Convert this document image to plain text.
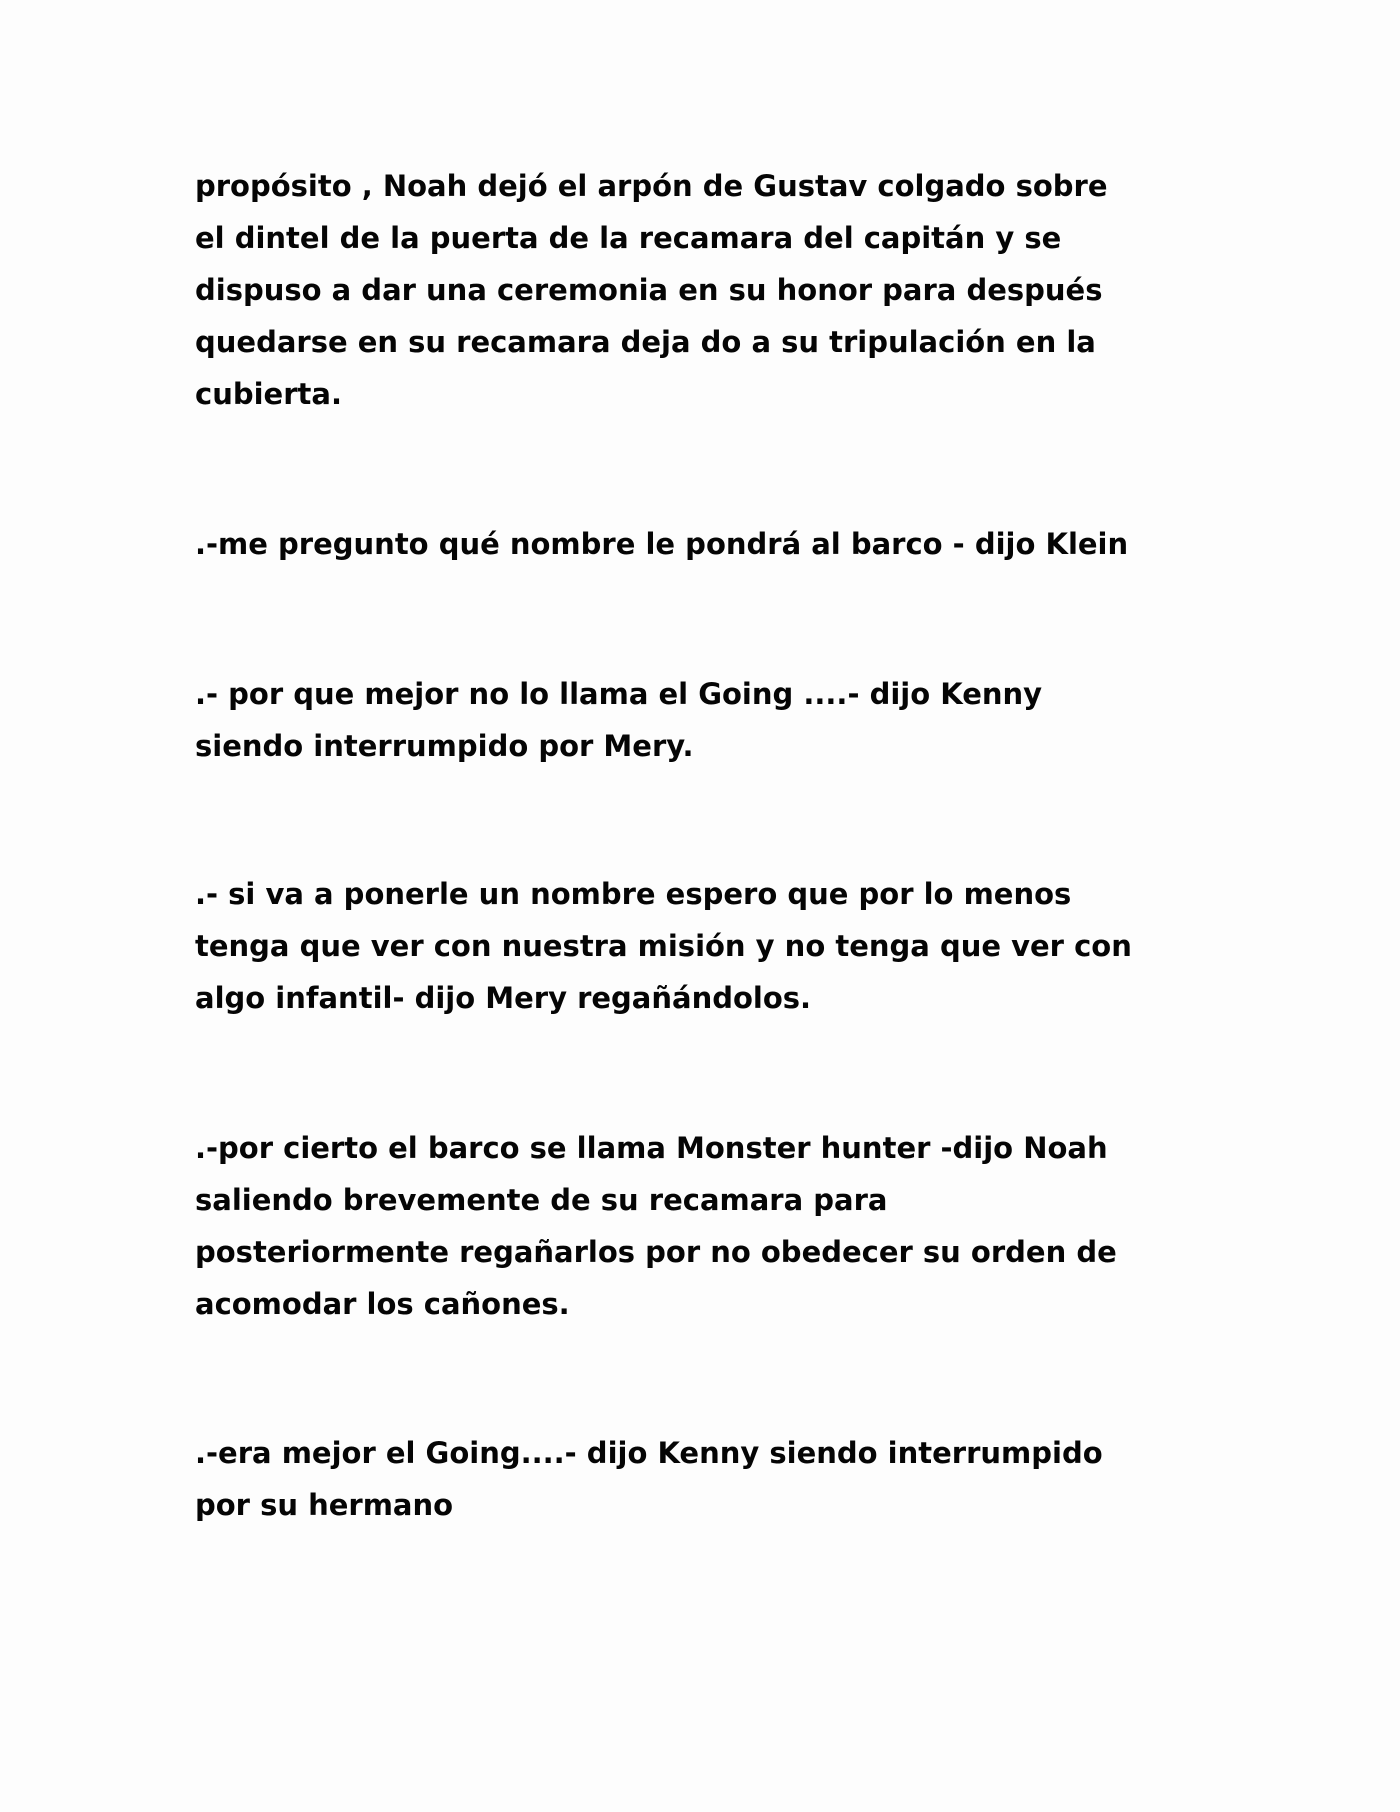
propósito , Noah dejó el arpón de Gustav colgado sobre
el dintel de la puerta de la recamara del capitán y se
dispuso a dar una ceremonia en su honor para después
quedarse en su recamara deja do a su tripulación en la
cubierta.

.-me pregunto qué nombre le pondrá al barco - dijo Klein

.- por que mejor no lo llama el Going ....- dijo Kenny
siendo interrumpido por Mery.

.- si va a ponerle un nombre espero que por lo menos
tenga que ver con nuestra misión y no tenga que ver con
algo infantil- dijo Mery regañándolos.

.-por cierto el barco se llama Monster hunter -dijo Noah
saliendo brevemente de su recamara para
posteriormente regañarlos por no obedecer su orden de
acomodar los cañones.

.-era mejor el Going....- dijo Kenny siendo interrumpido
por su hermano
